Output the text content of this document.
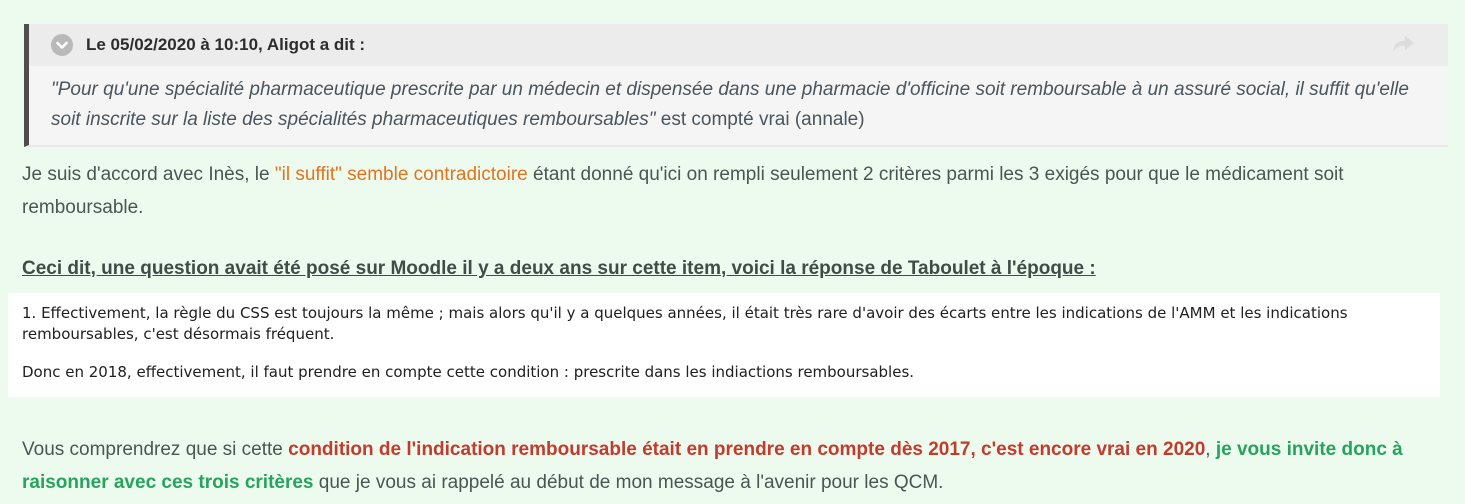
Le 05/02/2020 à 10:10, Aligot a dit :
"Pour qu'une spécialité pharmaceutique prescrite par un médecin et dispensée dans une pharmacie d'officine soit remboursable à un assuré social, il suffit qu'elle soit inscrite sur la liste des spécialités pharmaceutiques remboursables" est compté vrai (annale)

Je suis d'accord avec Inès, le "il suffit" semble contradictoire étant donné qu'ici on rempli seulement 2 critères parmi les 3 exigés pour que le médicament soit remboursable.

Ceci dit, une question avait été posé sur Moodle il y a deux ans sur cette item, voici la réponse de Taboulet à l'époque :

1. Effectivement, la règle du CSS est toujours la même ; mais alors qu'il y a quelques années, il était très rare d'avoir des écarts entre les indications de l'AMM et les indications remboursables, c'est désormais fréquent.

Donc en 2018, effectivement, il faut prendre en compte cette condition : prescrite dans les indiactions remboursables.

Vous comprendrez que si cette condition de l'indication remboursable était en prendre en compte dès 2017, c'est encore vrai en 2020, je vous invite donc à raisonner avec ces trois critères que je vous ai rappelé au début de mon message à l'avenir pour les QCM.
